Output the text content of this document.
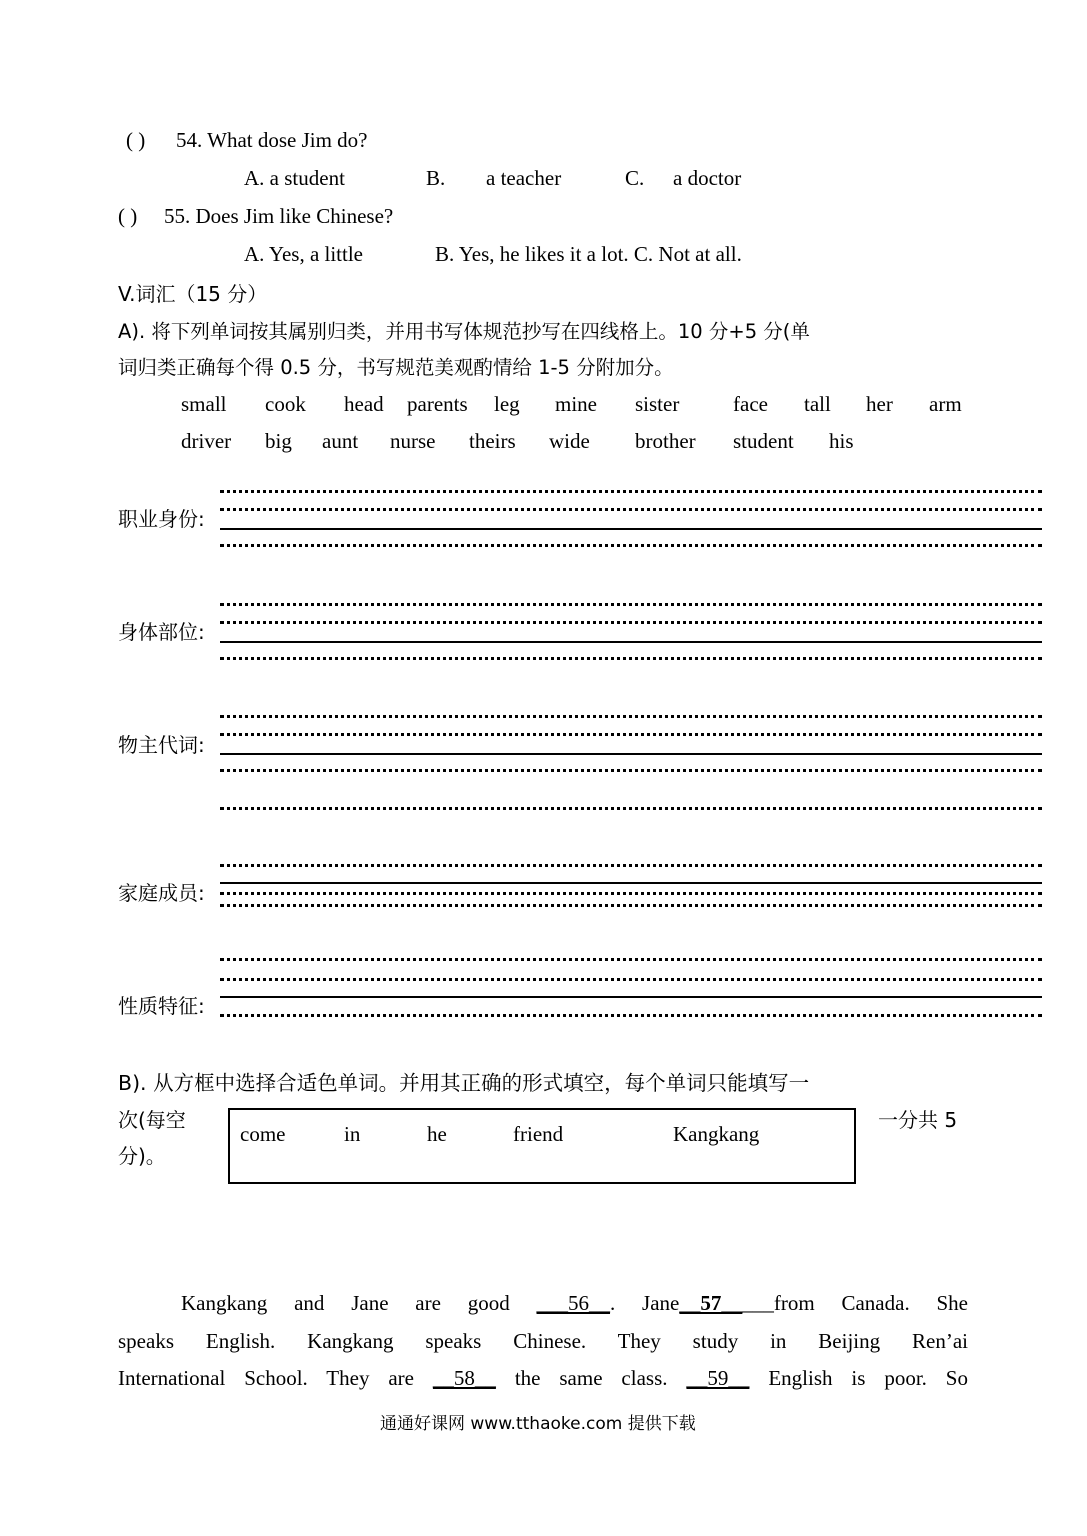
( ) 54. What dose Jim do?
A. a student	B. a teacher	C. a doctor
( ) 55. Does Jim like Chinese?
A. Yes, a little	B. Yes, he likes it a lot. C. Not at all.
V.词汇（15 分）
A). 将下列单词按其属别归类，并用书写体规范抄写在四线格上。10 分+5 分(单
词归类正确每个得 0.5 分，书写规范美观酌情给 1-5 分附加分。
small cook head parents leg mine sister	face tall her arm
driver big aunt nurse theirs wide brother student his
职业身份:
身体部位:
物主代词:
家庭成员:
性质特征:
B). 从方框中选择合适色单词。并用其正确的形式填空，每个单词只能填写一
次(每空
分)。
一分共 5
come	in	he	friend	Kangkang
Kangkang and Jane are good ___56__. Jane__57_____from Canada. She
speaks English. Kangkang speaks Chinese. They study in Beijing Ren’ai
International School. They are __58__ the same class. __59__ English is poor. So
通通好课网 www.tthaoke.com 提供下载
